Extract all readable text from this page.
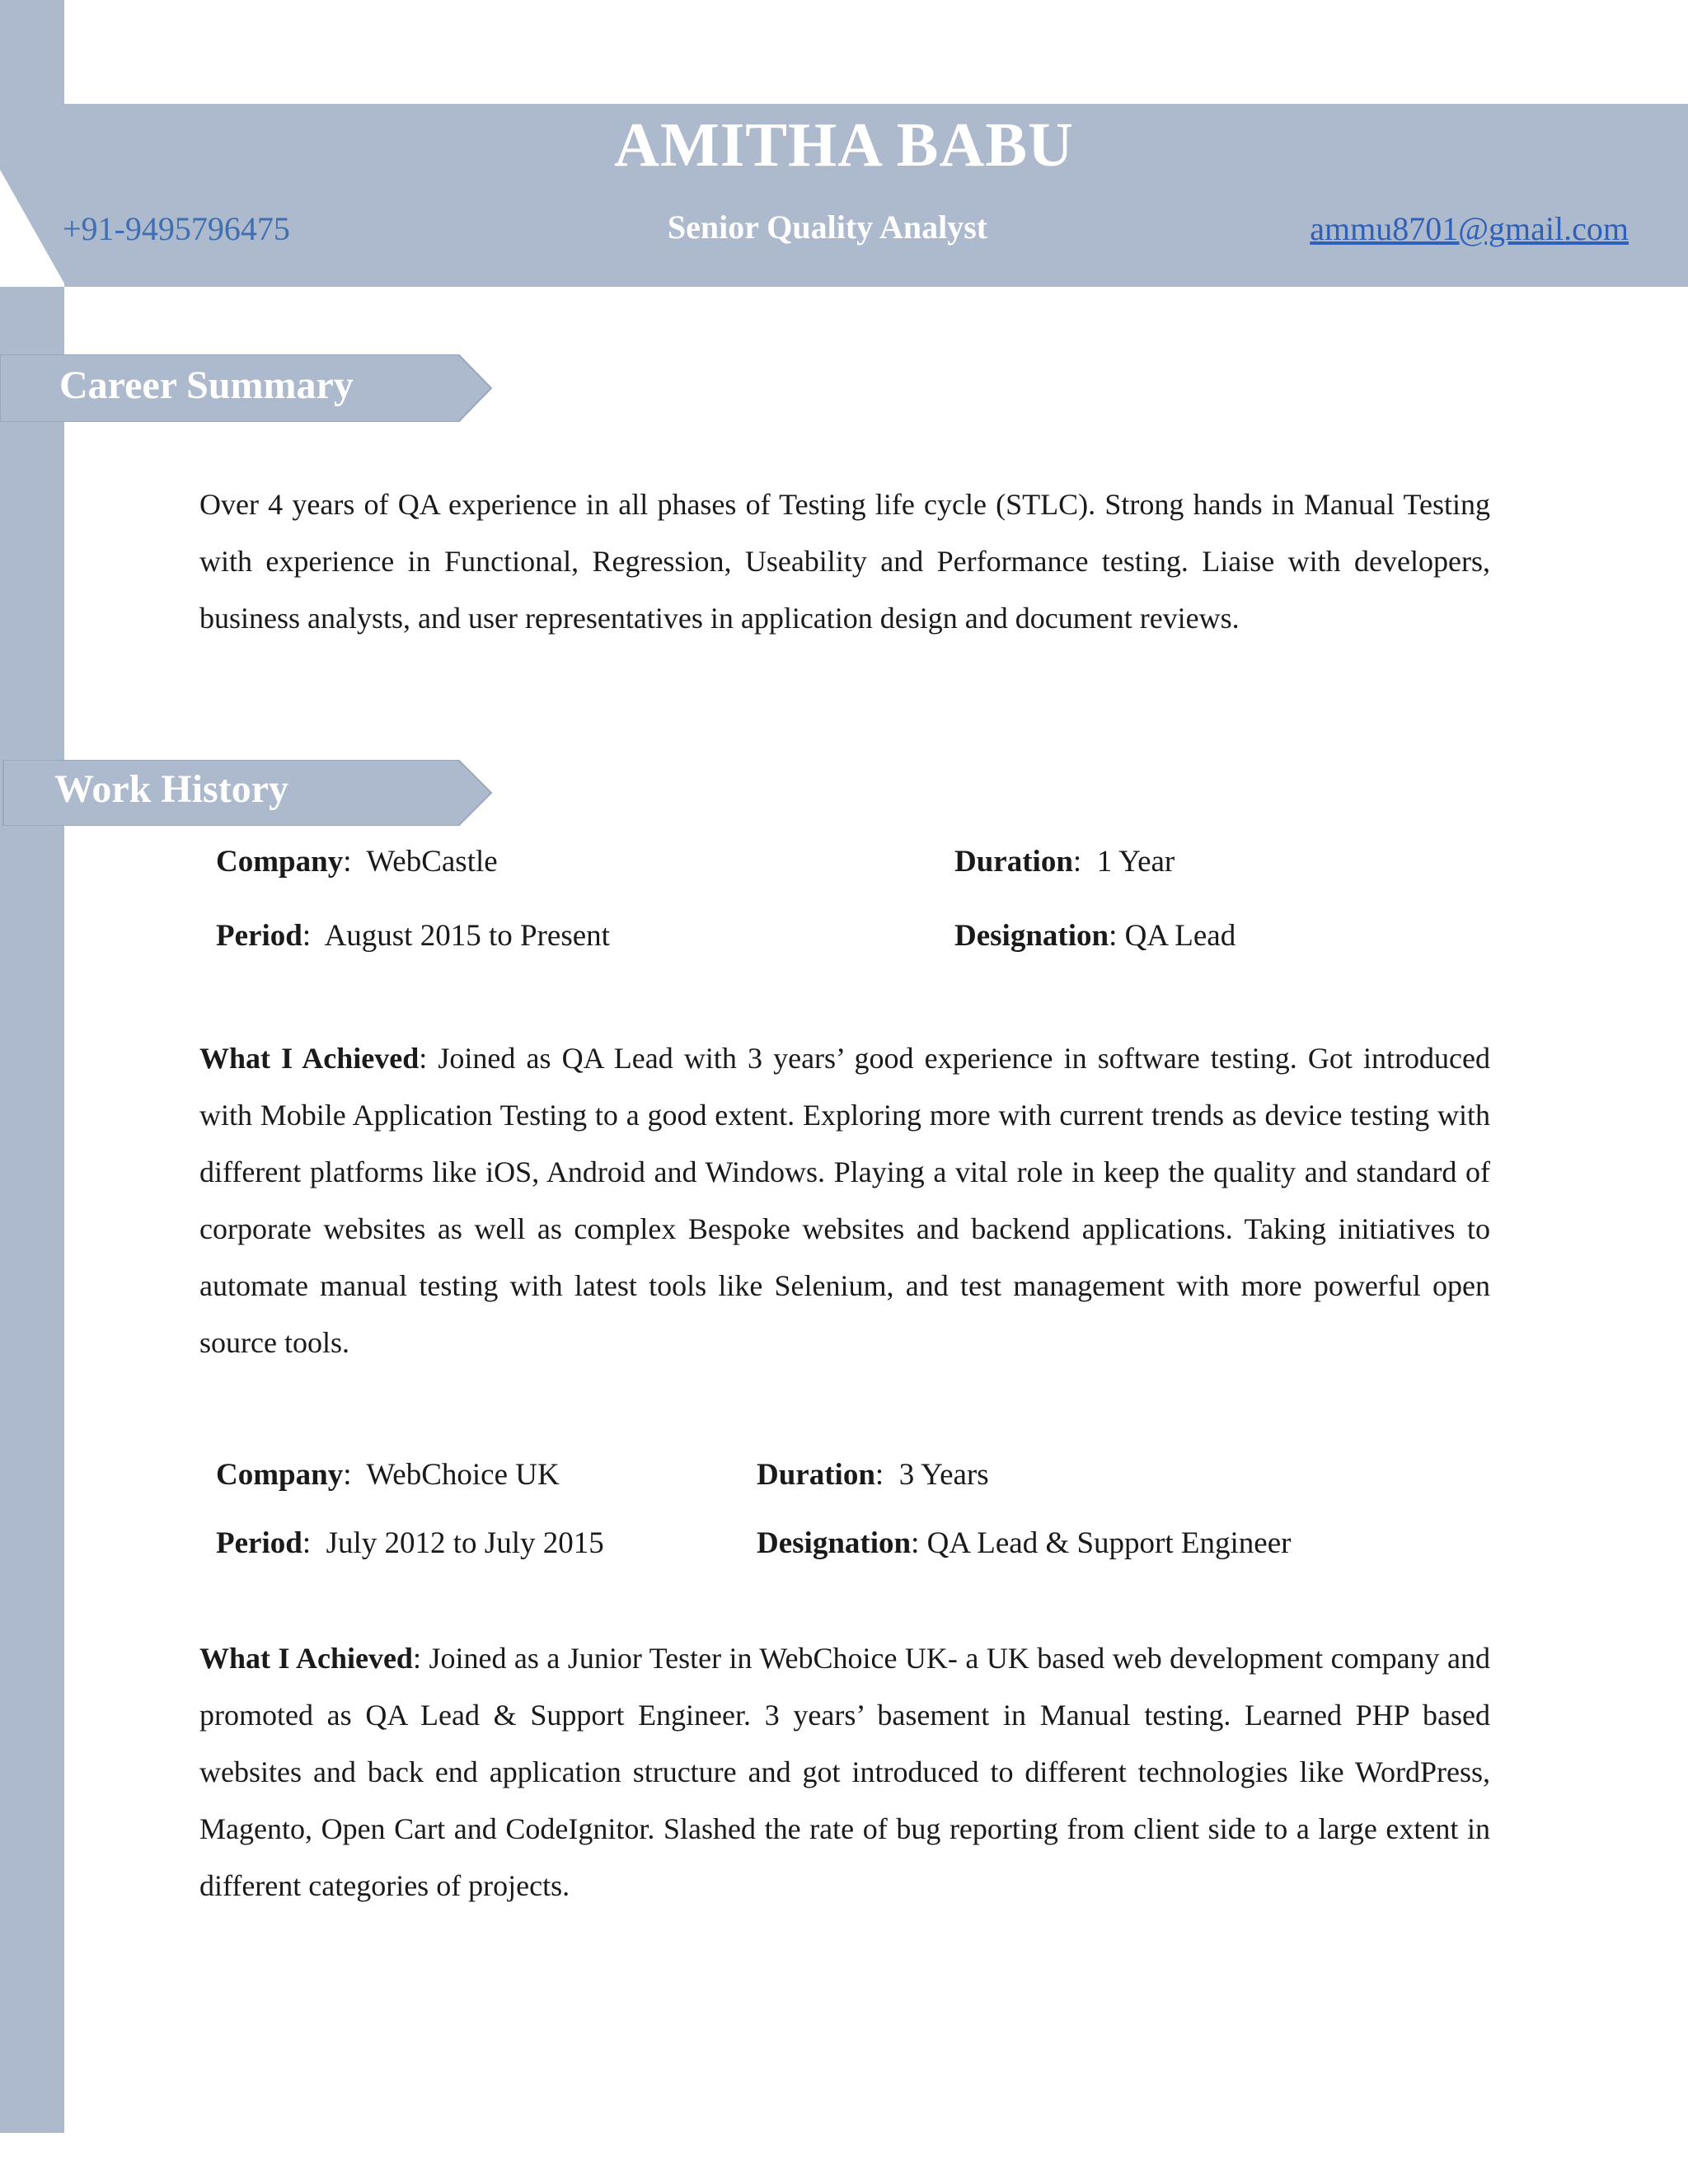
AMITHA BABU
+91-9495796475	Senior Quality Analyst	ammu8701@gmail.com
Career Summary
Over 4 years of QA experience in all phases of Testing life cycle (STLC). Strong hands in Manual Testing with experience in Functional, Regression, Useability and Performance testing. Liaise with developers, business analysts, and user representatives in application design and document reviews.
Work History
Company:  WebCastle	Duration:  1 Year
Period:  August 2015 to Present	Designation: QA Lead
What I Achieved: Joined as QA Lead with 3 years’ good experience in software testing. Got introduced with Mobile Application Testing to a good extent. Exploring more with current trends as device testing with different platforms like iOS, Android and Windows. Playing a vital role in keep the quality and standard of corporate websites as well as complex Bespoke websites and backend applications. Taking initiatives to automate manual testing with latest tools like Selenium, and test management with more powerful open source tools.
Company:  WebChoice UK	Duration:  3 Years
Period:  July 2012 to July 2015	Designation: QA Lead & Support Engineer
What I Achieved: Joined as a Junior Tester in WebChoice UK- a UK based web development company and promoted as QA Lead & Support Engineer. 3 years’ basement in Manual testing. Learned PHP based websites and back end application structure and got introduced to different technologies like WordPress, Magento, Open Cart and CodeIgnitor. Slashed the rate of bug reporting from client side to a large extent in different categories of projects.
